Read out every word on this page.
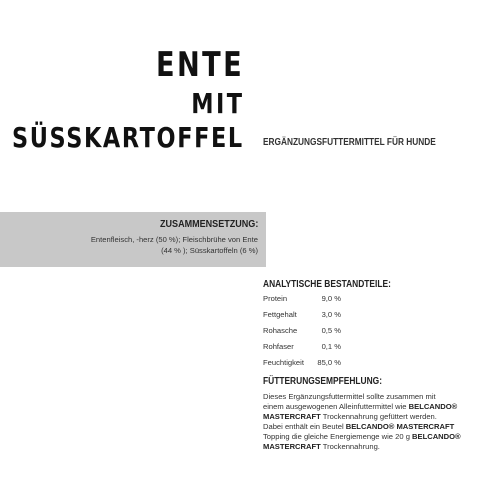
ENTE
MIT
SÜSSKARTOFFEL ERGÄNZUNGSFUTTERMITTEL FÜR HUNDE
ZUSAMMENSETZUNG:
Entenfleisch, -herz (50 %); Fleischbrühe von Ente
(44 % ); Süsskartoffeln (6 %)
ANALYTISCHE BESTANDTEILE:
Protein	9,0 %
Fettgehalt	3,0 %
Rohasche	0,5 %
Rohfaser	0,1 %
Feuchtigkeit	85,0 %
FÜTTERUNGSEMPFEHLUNG:
Dieses Ergänzungsfuttermittel sollte zusammen mit
einem ausgewogenen Alleinfuttermittel wie BELCANDO®
MASTERCRAFT Trockennahrung gefüttert werden.
Dabei enthält ein Beutel BELCANDO® MASTERCRAFT
Topping die gleiche Energiemenge wie 20 g BELCANDO®
MASTERCRAFT Trockennahrung.
